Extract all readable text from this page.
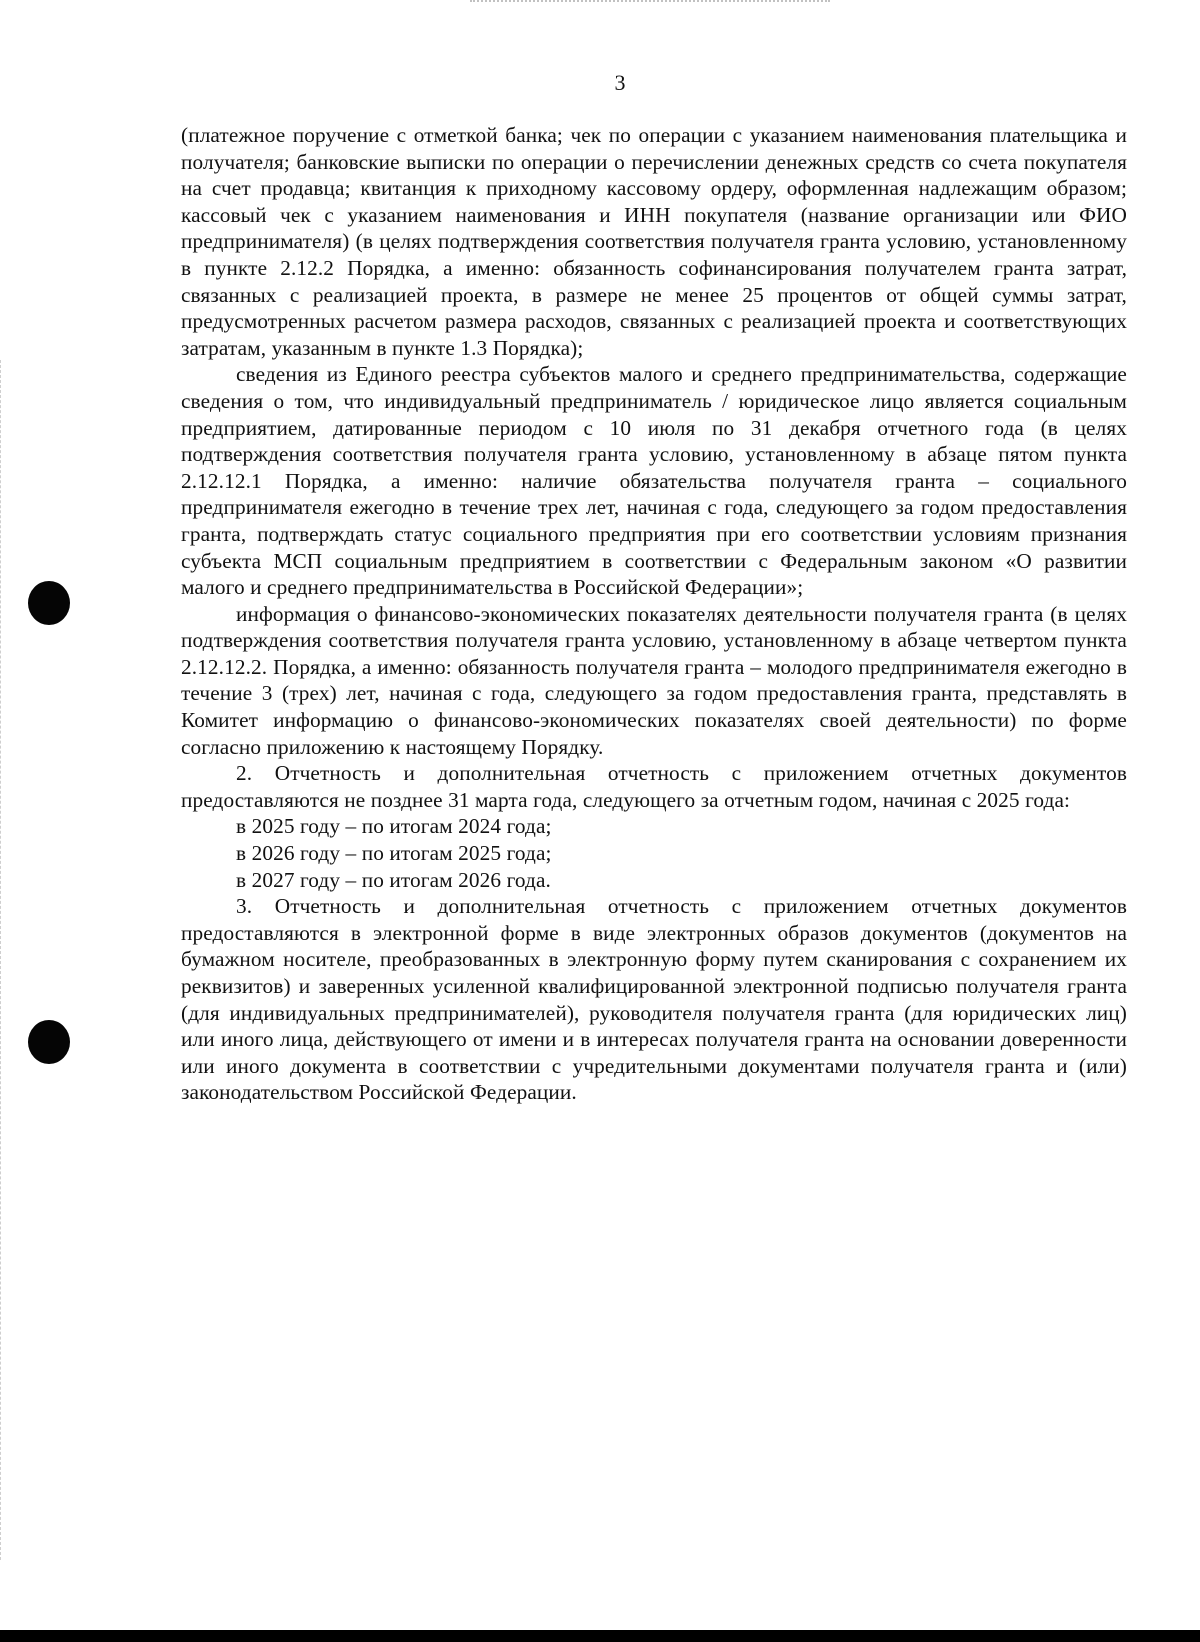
3

(платежное поручение с отметкой банка; чек по операции с указанием наименования плательщика и получателя; банковские выписки по операции о перечислении денежных средств со счета покупателя на счет продавца; квитанция к приходному кассовому ордеру, оформленная надлежащим образом; кассовый чек с указанием наименования и ИНН покупателя (название организации или ФИО предпринимателя) (в целях подтверждения соответствия получателя гранта условию, установленному в пункте 2.12.2 Порядка, а именно: обязанность софинансирования получателем гранта затрат, связанных с реализацией проекта, в размере не менее 25 процентов от общей суммы затрат, предусмотренных расчетом размера расходов, связанных с реализацией проекта и соответствующих затратам, указанным в пункте 1.3 Порядка);

сведения из Единого реестра субъектов малого и среднего предпринимательства, содержащие сведения о том, что индивидуальный предприниматель / юридическое лицо является социальным предприятием, датированные периодом с 10 июля по 31 декабря отчетного года (в целях подтверждения соответствия получателя гранта условию, установленному в абзаце пятом пункта 2.12.12.1 Порядка, а именно: наличие обязательства получателя гранта – социального предпринимателя ежегодно в течение трех лет, начиная с года, следующего за годом предоставления гранта, подтверждать статус социального предприятия при его соответствии условиям признания субъекта МСП социальным предприятием в соответствии с Федеральным законом «О развитии малого и среднего предпринимательства в Российской Федерации»;

информация о финансово-экономических показателях деятельности получателя гранта (в целях подтверждения соответствия получателя гранта условию, установленному в абзаце четвертом пункта 2.12.12.2. Порядка, а именно: обязанность получателя гранта – молодого предпринимателя ежегодно в течение 3 (трех) лет, начиная с года, следующего за годом предоставления гранта, представлять в Комитет информацию о финансово-экономических показателях своей деятельности) по форме согласно приложению к настоящему Порядку.

2. Отчетность и дополнительная отчетность с приложением отчетных документов предоставляются не позднее 31 марта года, следующего за отчетным годом, начиная с 2025 года:

в 2025 году – по итогам 2024 года;

в 2026 году – по итогам 2025 года;

в 2027 году – по итогам 2026 года.

3. Отчетность и дополнительная отчетность с приложением отчетных документов предоставляются в электронной форме в виде электронных образов документов (документов на бумажном носителе, преобразованных в электронную форму путем сканирования с сохранением их реквизитов) и заверенных усиленной квалифицированной электронной подписью получателя гранта (для индивидуальных предпринимателей), руководителя получателя гранта (для юридических лиц) или иного лица, действующего от имени и в интересах получателя гранта на основании доверенности или иного документа в соответствии с учредительными документами получателя гранта и (или) законодательством Российской Федерации.
